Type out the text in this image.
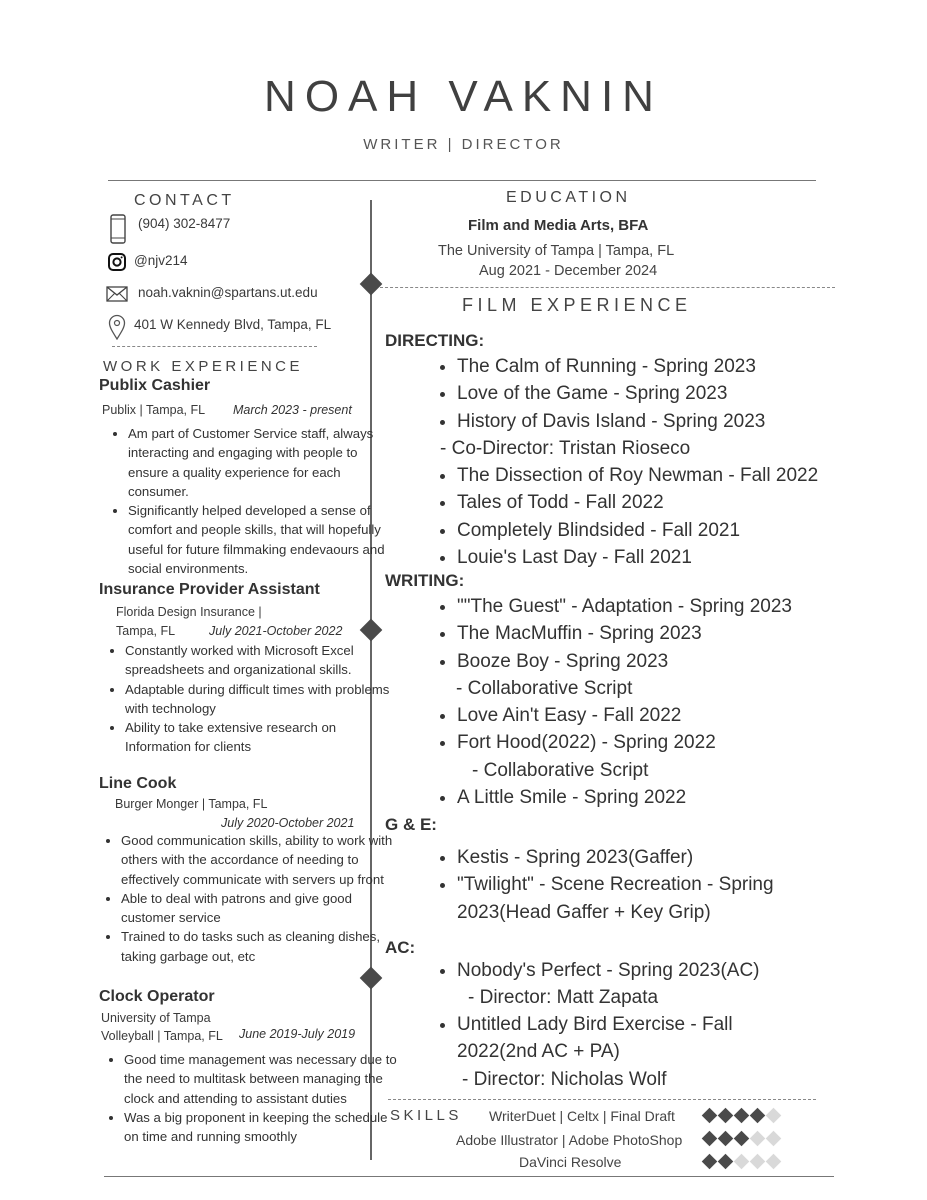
NOAH VAKNIN
WRITER | DIRECTOR
CONTACT
(904) 302-8477
@njv214
noah.vaknin@spartans.ut.edu
401 W Kennedy Blvd, Tampa, FL
WORK EXPERIENCE
Publix Cashier
Publix | Tampa, FL March 2023 - present
• Am part of Customer Service staff, always interacting and engaging with people to ensure a quality experience for each consumer.
• Significantly helped developed a sense of comfort and people skills, that will hopefully useful for future filmmaking endevaours and social environments.
Insurance Provider Assistant
Florida Design Insurance |
Tampa, FL	July 2021-October 2022
• Constantly worked with Microsoft Excel spreadsheets and organizational skills.
• Adaptable during difficult times with problems with technology
• Ability to take extensive research on Information for clients
Line Cook
Burger Monger | Tampa, FL
July 2020-October 2021
• Good communication skills, ability to work with others with the accordance of needing to effectively communicate with servers up front
• Able to deal with patrons and give good customer service
• Trained to do tasks such as cleaning dishes, taking garbage out, etc
Clock Operator
University of Tampa
Volleyball | Tampa, FL June 2019-July 2019
• Good time management was necessary due to the need to multitask between managing the clock and attending to assistant duties
• Was a big proponent in keeping the schedule on time and running smoothly
EDUCATION
Film and Media Arts, BFA
The University of Tampa | Tampa, FL
Aug 2021 - December 2024
FILM EXPERIENCE
DIRECTING:
• The Calm of Running - Spring 2023
• Love of the Game - Spring 2023
• History of Davis Island - Spring 2023
- Co-Director: Tristan Rioseco
• The Dissection of Roy Newman - Fall 2022
• Tales of Todd - Fall 2022
• Completely Blindsided - Fall 2021
• Louie's Last Day - Fall 2021
WRITING:
• ""The Guest" - Adaptation - Spring 2023
• The MacMuffin - Spring 2023
• Booze Boy - Spring 2023
- Collaborative Script
• Love Ain't Easy - Fall 2022
• Fort Hood(2022) - Spring 2022
- Collaborative Script
• A Little Smile - Spring 2022
G & E:
• Kestis - Spring 2023(Gaffer)
• "Twilight" - Scene Recreation - Spring
2023(Head Gaffer + Key Grip)
AC:
• Nobody's Perfect - Spring 2023(AC)
- Director: Matt Zapata
• Untitled Lady Bird Exercise - Fall
2022(2nd AC + PA)
- Director: Nicholas Wolf
SKILLS WriterDuet | Celtx | Final Draft
Adobe Illustrator | Adobe PhotoShop
DaVinci Resolve
